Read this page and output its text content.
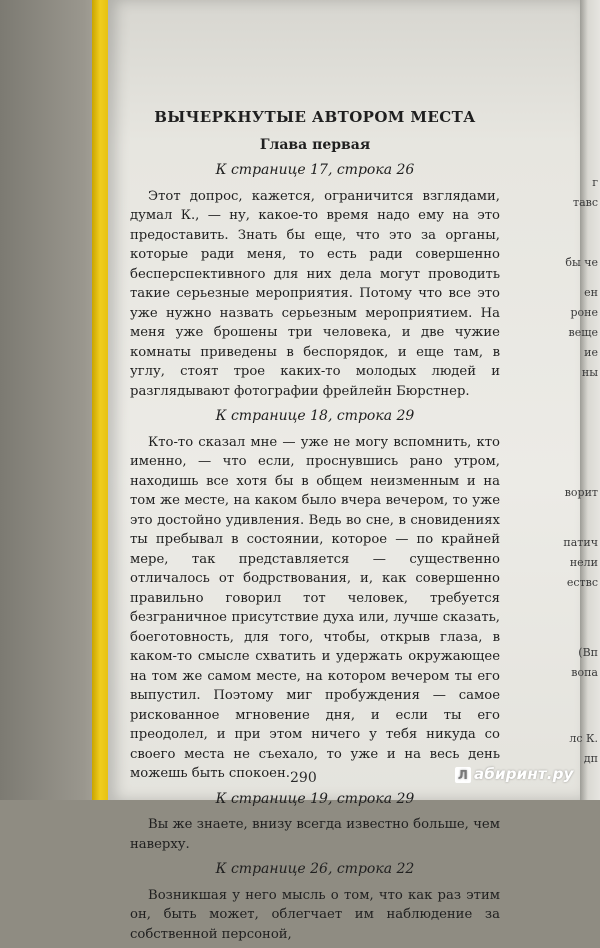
г
тавс
бы че
ен
роне
веще
ие
ны
ворит
патич
нели
ествс
(Вп
вопа
лс К.
дп
ВЫЧЕРКНУТЫЕ АВТОРОМ МЕСТА
Глава первая
К странице 17, строка 26

Этот допрос, кажется, ограничится взглядами, думал К., — ну, какое-то время надо ему на это предоставить. Знать бы еще, что это за органы, которые ради меня, то есть ради совершенно бесперспективного для них дела могут проводить такие серьезные мероприятия. Потому что все это уже нужно назвать серьезным мероприятием. На меня уже брошены три человека, и две чужие комнаты приведены в беспорядок, и еще там, в углу, стоят трое каких-то молодых людей и разглядывают фотографии фрейлейн Бюрстнер.

К странице 18, строка 29

Кто-то сказал мне — уже не могу вспомнить, кто именно, — что если, проснувшись рано утром, находишь все хотя бы в общем неизменным и на том же месте, на каком было вчера вечером, то уже это достойно удивления. Ведь во сне, в сновидениях ты пребывал в состоянии, которое — по крайней мере, так представляется — существенно отличалось от бодрствования, и, как совершенно правильно говорил тот человек, требуется безграничное присутствие духа или, лучше сказать, боеготовность, для того, чтобы, открыв глаза, в каком-то смысле схватить и удержать окружающее на том же самом месте, на котором вечером ты его выпустил. Поэтому миг пробуждения — самое рискованное мгновение дня, и если ты его преодолел, и при этом ничего у тебя никуда со своего места не съехало, то уже и на весь день можешь быть спокоен.

К странице 19, строка 29

Вы же знаете, внизу всегда известно больше, чем наверху.

К странице 26, строка 22

Возникшая у него мысль о том, что как раз этим он, быть может, облегчает им наблюдение за собственной персоной,

290	Л абиринт.ру
